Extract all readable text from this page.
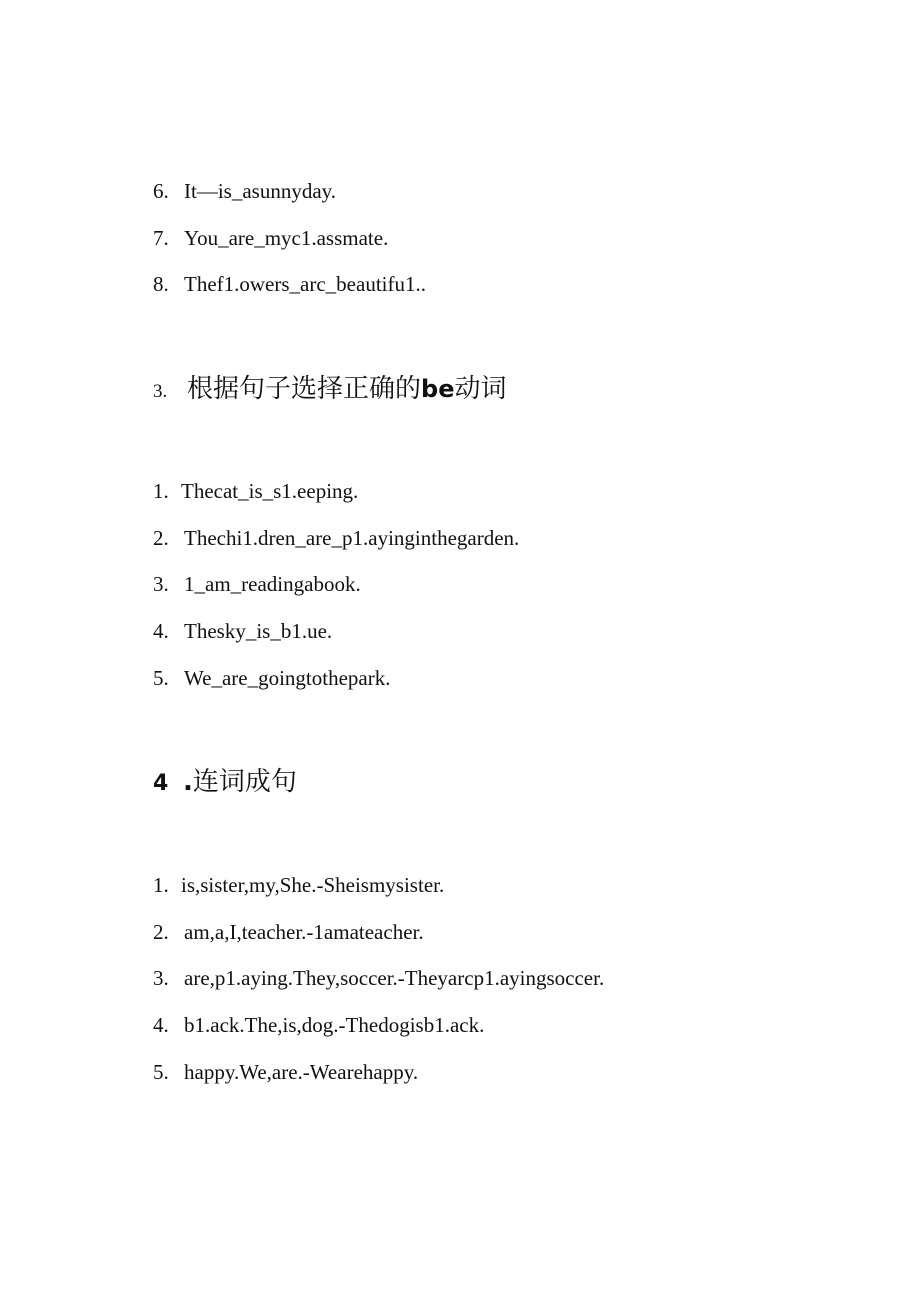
6. It—is_asunnyday.
7. You_are_myc1.assmate.
8. Thef1.owers_arc_beautifu1..
3. 根据句子选择正确的be动词
1. Thecat_is_s1.eeping.
2. Thechi1.dren_are_p1.ayinginthegarden.
3. 1_am_readingabook.
4. Thesky_is_b1.ue.
5. We_are_goingtothepark.
4 .连词成句
1. is,sister,my,She.-Sheismysister.
2. am,a,I,teacher.-1amateacher.
3. are,p1.aying.They,soccer.-Theyarcp1.ayingsoccer.
4. b1.ack.The,is,dog.-Thedogisb1.ack.
5. happy.We,are.-Wearehappy.
